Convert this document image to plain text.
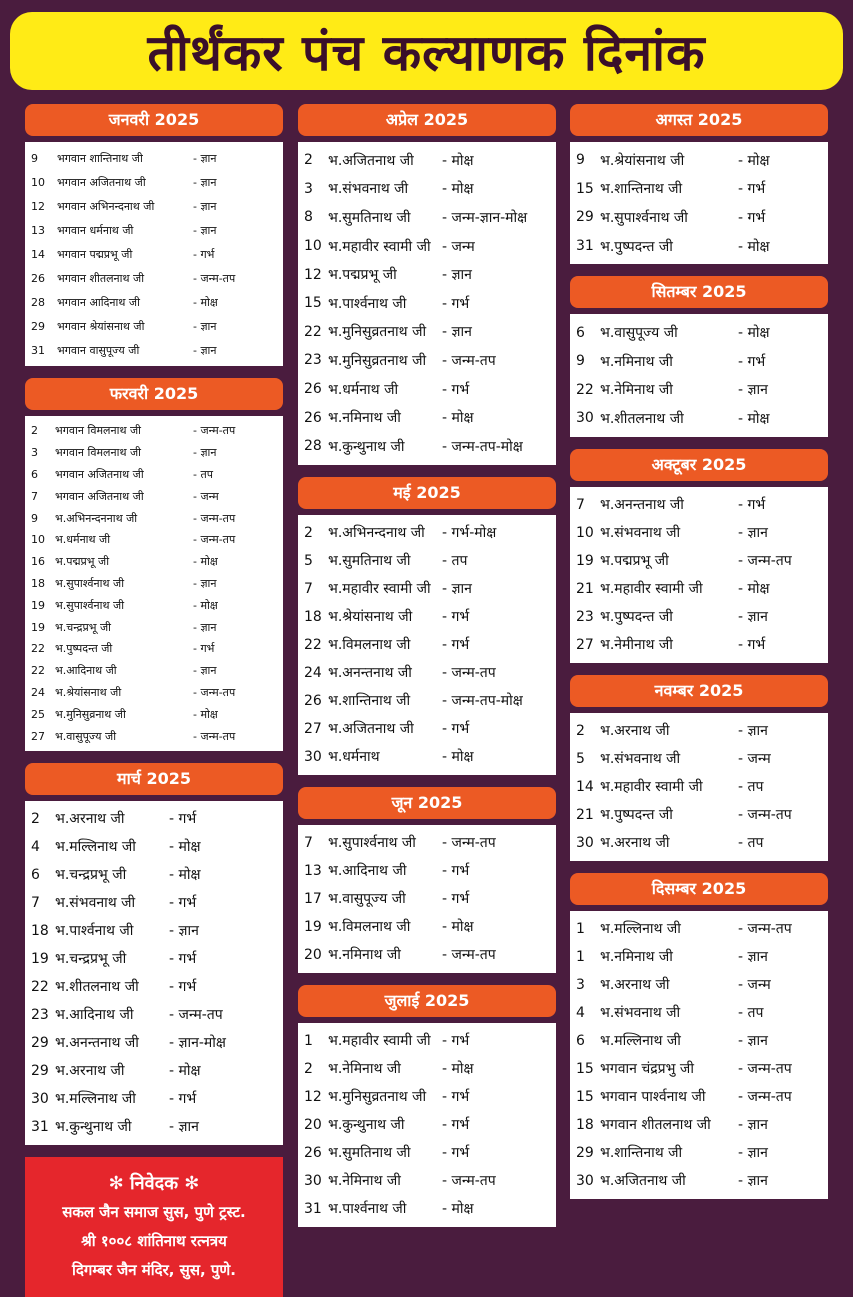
तीर्थंकर पंच कल्याणक दिनांक
जनवरी 2025
9	भगवान शान्तिनाथ जी	- ज्ञान
10	भगवान अजितनाथ जी	- ज्ञान
12	भगवान अभिनन्दनाथ जी	- ज्ञान
13	भगवान धर्मनाथ जी	- ज्ञान
14	भगवान पद्मप्रभू जी	- गर्भ
26	भगवान शीतलनाथ जी	- जन्म-तप
28	भगवान आदिनाथ जी	- मोक्ष
29	भगवान श्रेयांसनाथ जी	- ज्ञान
31	भगवान वासुपूज्य जी	- ज्ञान
फरवरी 2025
2	भगवान विमलनाथ जी	- जन्म-तप
3	भगवान विमलनाथ जी	- ज्ञान
6	भगवान अजितनाथ जी	- तप
7	भगवान अजितनाथ जी	- जन्म
9	भ.अभिनन्दननाथ जी	- जन्म-तप
10 भ.धर्मनाथ जी	- जन्म-तप
16 भ.पद्मप्रभू जी	- मोक्ष
18 भ.सुपार्श्वनाथ जी	- ज्ञान
19 भ.सुपार्श्वनाथ जी	- मोक्ष
19 भ.चन्द्रप्रभू जी	- ज्ञान
22 भ.पुष्पदन्त जी	- गर्भ
22 भ.आदिनाथ जी	- ज्ञान
24 भ.श्रेयांसनाथ जी	- जन्म-तप
25 भ.मुनिसुव्रनाथ जी	- मोक्ष
27 भ.वासुपूज्य जी	- जन्म-तप
मार्च 2025
2	भ.अरनाथ जी	- गर्भ
4	भ.मल्लिनाथ जी	- मोक्ष
6	भ.चन्द्रप्रभू जी	- मोक्ष
7	भ.संभवनाथ जी	- गर्भ
18 भ.पार्श्वनाथ जी	- ज्ञान
19 भ.चन्द्रप्रभू जी	- गर्भ
22 भ.शीतलनाथ जी	- गर्भ
23 भ.आदिनाथ जी	- जन्म-तप
29 भ.अनन्तनाथ जी	- ज्ञान-मोक्ष
29 भ.अरनाथ जी	- मोक्ष
30 भ.मल्लिनाथ जी	- गर्भ
31 भ.कुन्थुनाथ जी	- ज्ञान
✻ निवेदक ✻
सकल जैन समाज सुस, पुणे ट्रस्ट.
श्री १००८ शांतिनाथ रत्नत्रय
दिगम्बर जैन मंदिर, सुस, पुणे.
अप्रेल 2025
2	भ.अजितनाथ जी	- मोक्ष
3	भ.संभवनाथ जी	- मोक्ष
8	भ.सुमतिनाथ जी	- जन्म-ज्ञान-मोक्ष
10 भ.महावीर स्वामी जी - जन्म
12 भ.पद्मप्रभू जी	- ज्ञान
15 भ.पार्श्वनाथ जी	- गर्भ
22 भ.मुनिसुव्रतनाथ जी	- ज्ञान
23 भ.मुनिसुव्रतनाथ जी	- जन्म-तप
26 भ.धर्मनाथ जी	- गर्भ
26 भ.नमिनाथ जी	- मोक्ष
28 भ.कुन्थुनाथ जी	- जन्म-तप-मोक्ष
मई 2025
2	भ.अभिनन्दनाथ जी	- गर्भ-मोक्ष
5	भ.सुमतिनाथ जी	- तप
7	भ.महावीर स्वामी जी - ज्ञान
18 भ.श्रेयांसनाथ जी	- गर्भ
22 भ.विमलनाथ जी	- गर्भ
24 भ.अनन्तनाथ जी	- जन्म-तप
26 भ.शान्तिनाथ जी	- जन्म-तप-मोक्ष
27 भ.अजितनाथ जी	- गर्भ
30 भ.धर्मनाथ	- मोक्ष
जून 2025
7	भ.सुपार्श्वनाथ जी	- जन्म-तप
13 भ.आदिनाथ जी	- गर्भ
17 भ.वासुपूज्य जी	- गर्भ
19 भ.विमलनाथ जी	- मोक्ष
20 भ.नमिनाथ जी	- जन्म-तप
जुलाई 2025
1	भ.महावीर स्वामी जी - गर्भ
2	भ.नेमिनाथ जी	- मोक्ष
12 भ.मुनिसुव्रतनाथ जी	- गर्भ
20 भ.कुन्थुनाथ जी	- गर्भ
26 भ.सुमतिनाथ जी	- गर्भ
30 भ.नेमिनाथ जी	- जन्म-तप
31 भ.पार्श्वनाथ जी	- मोक्ष
अगस्त 2025
9	भ.श्रेयांसनाथ जी	- मोक्ष
15 भ.शान्तिनाथ जी	- गर्भ
29 भ.सुपार्श्वनाथ जी	- गर्भ
31 भ.पुष्पदन्त जी	- मोक्ष
सितम्बर 2025
6	भ.वासुपूज्य जी	- मोक्ष
9	भ.नमिनाथ जी	- गर्भ
22 भ.नेमिनाथ जी	- ज्ञान
30 भ.शीतलनाथ जी	- मोक्ष
अक्टूबर 2025
7	भ.अनन्तनाथ जी	- गर्भ
10 भ.संभवनाथ जी	- ज्ञान
19 भ.पद्मप्रभू जी	- जन्म-तप
21 भ.महावीर स्वामी जी	- मोक्ष
23 भ.पुष्पदन्त जी	- ज्ञान
27 भ.नेमीनाथ जी	- गर्भ
नवम्बर 2025
2	भ.अरनाथ जी	- ज्ञान
5	भ.संभवनाथ जी	- जन्म
14 भ.महावीर स्वामी जी	- तप
21 भ.पुष्पदन्त जी	- जन्म-तप
30 भ.अरनाथ जी	- तप
दिसम्बर 2025
1	भ.मल्लिनाथ जी	- जन्म-तप
1	भ.नमिनाथ जी	- ज्ञान
3	भ.अरनाथ जी	- जन्म
4	भ.संभवनाथ जी	- तप
6	भ.मल्लिनाथ जी	- ज्ञान
15 भगवान चंद्रप्रभु जी	- जन्म-तप
15 भगवान पार्श्वनाथ जी	- जन्म-तप
18 भगवान शीतलनाथ जी	- ज्ञान
29 भ.शान्तिनाथ जी	- ज्ञान
30 भ.अजितनाथ जी	- ज्ञान
